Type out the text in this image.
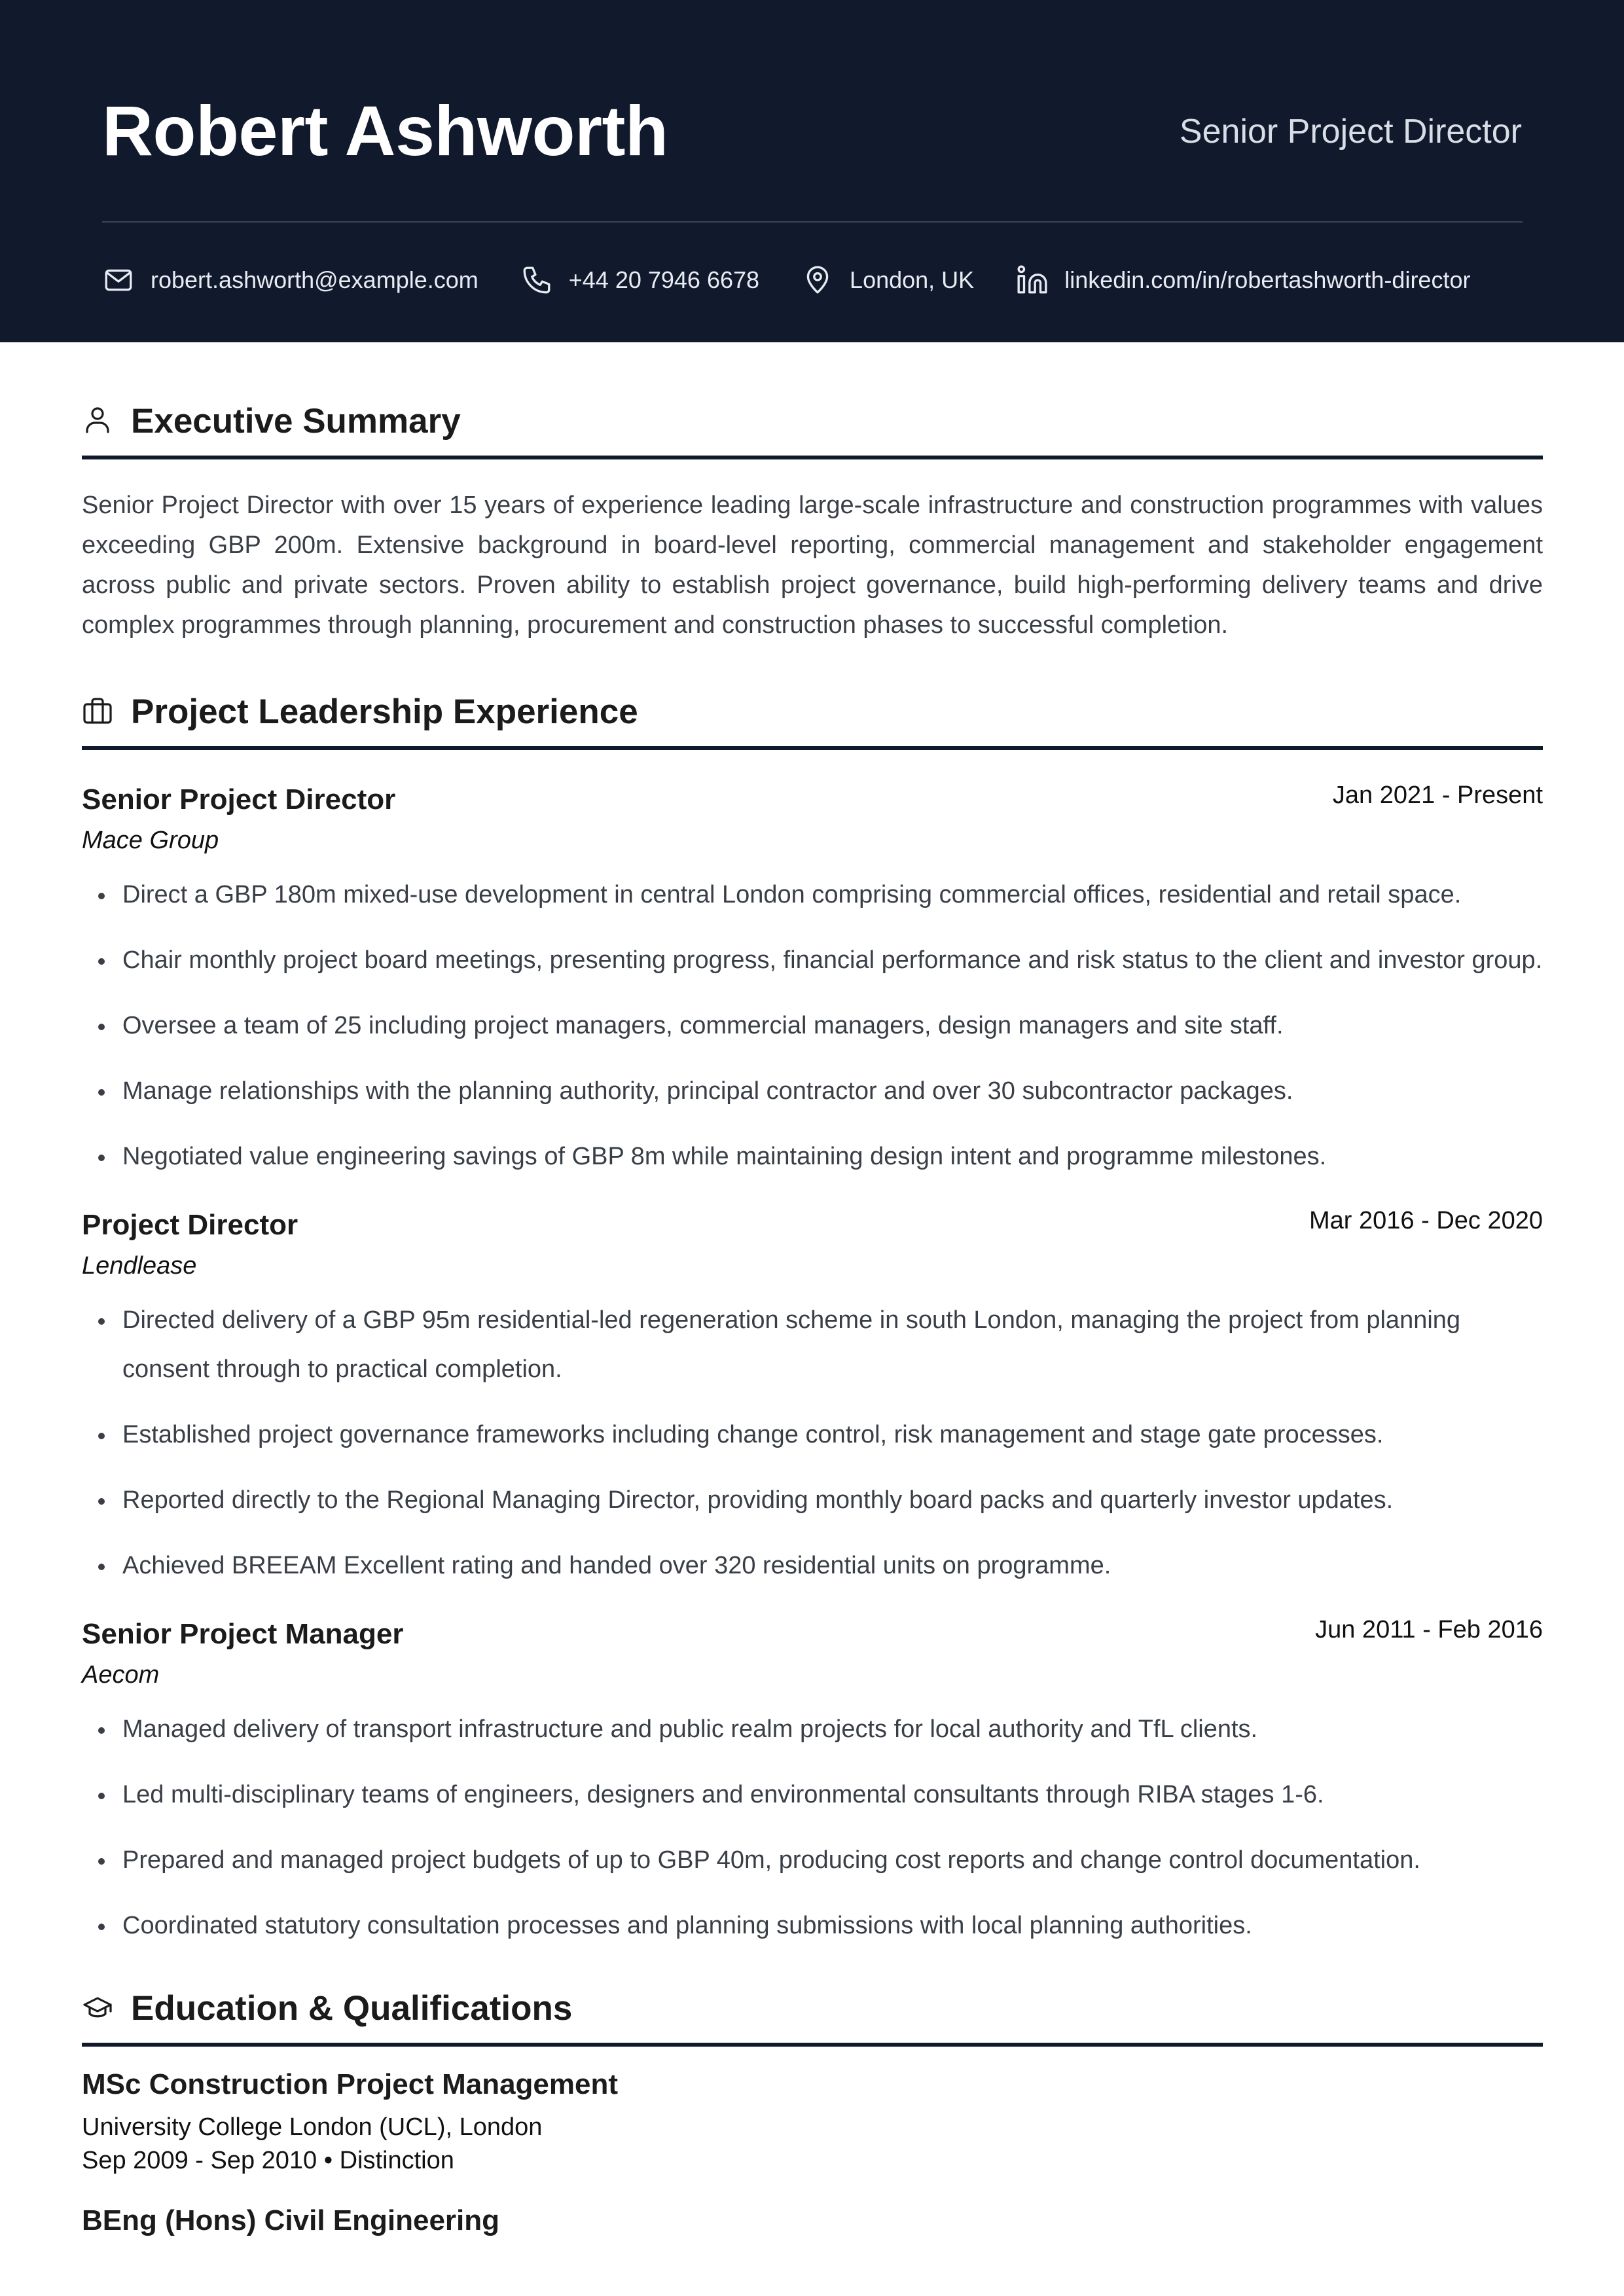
Robert Ashworth	Senior Project Director
robert.ashworth@example.com	+44 20 7946 6678	London, UK	linkedin.com/in/robertashworth-director
Executive Summary

Senior Project Director with over 15 years of experience leading large-scale infrastructure and construction programmes with values exceeding GBP 200m. Extensive background in board-level reporting, commercial management and stakeholder engagement across public and private sectors. Proven ability to establish project governance, build high-performing delivery teams and drive complex programmes through planning, procurement and construction phases to successful completion.

Project Leadership Experience
Senior Project Director	Jan 2021 - Present
Mace Group
Direct a GBP 180m mixed-use development in central London comprising commercial offices, residential and retail space.
Chair monthly project board meetings, presenting progress, financial performance and risk status to the client and investor group.
Oversee a team of 25 including project managers, commercial managers, design managers and site staff.
Manage relationships with the planning authority, principal contractor and over 30 subcontractor packages.
Negotiated value engineering savings of GBP 8m while maintaining design intent and programme milestones.
Project Director	Mar 2016 - Dec 2020
Lendlease
Directed delivery of a GBP 95m residential-led regeneration scheme in south London, managing the project from planning consent through to practical completion.
Established project governance frameworks including change control, risk management and stage gate processes.
Reported directly to the Regional Managing Director, providing monthly board packs and quarterly investor updates.
Achieved BREEAM Excellent rating and handed over 320 residential units on programme.
Senior Project Manager	Jun 2011 - Feb 2016
Aecom
Managed delivery of transport infrastructure and public realm projects for local authority and TfL clients.
Led multi-disciplinary teams of engineers, designers and environmental consultants through RIBA stages 1-6.
Prepared and managed project budgets of up to GBP 40m, producing cost reports and change control documentation.
Coordinated statutory consultation processes and planning submissions with local planning authorities.
Education & Qualifications
MSc Construction Project Management
University College London (UCL), London
Sep 2009 - Sep 2010 • Distinction
BEng (Hons) Civil Engineering
